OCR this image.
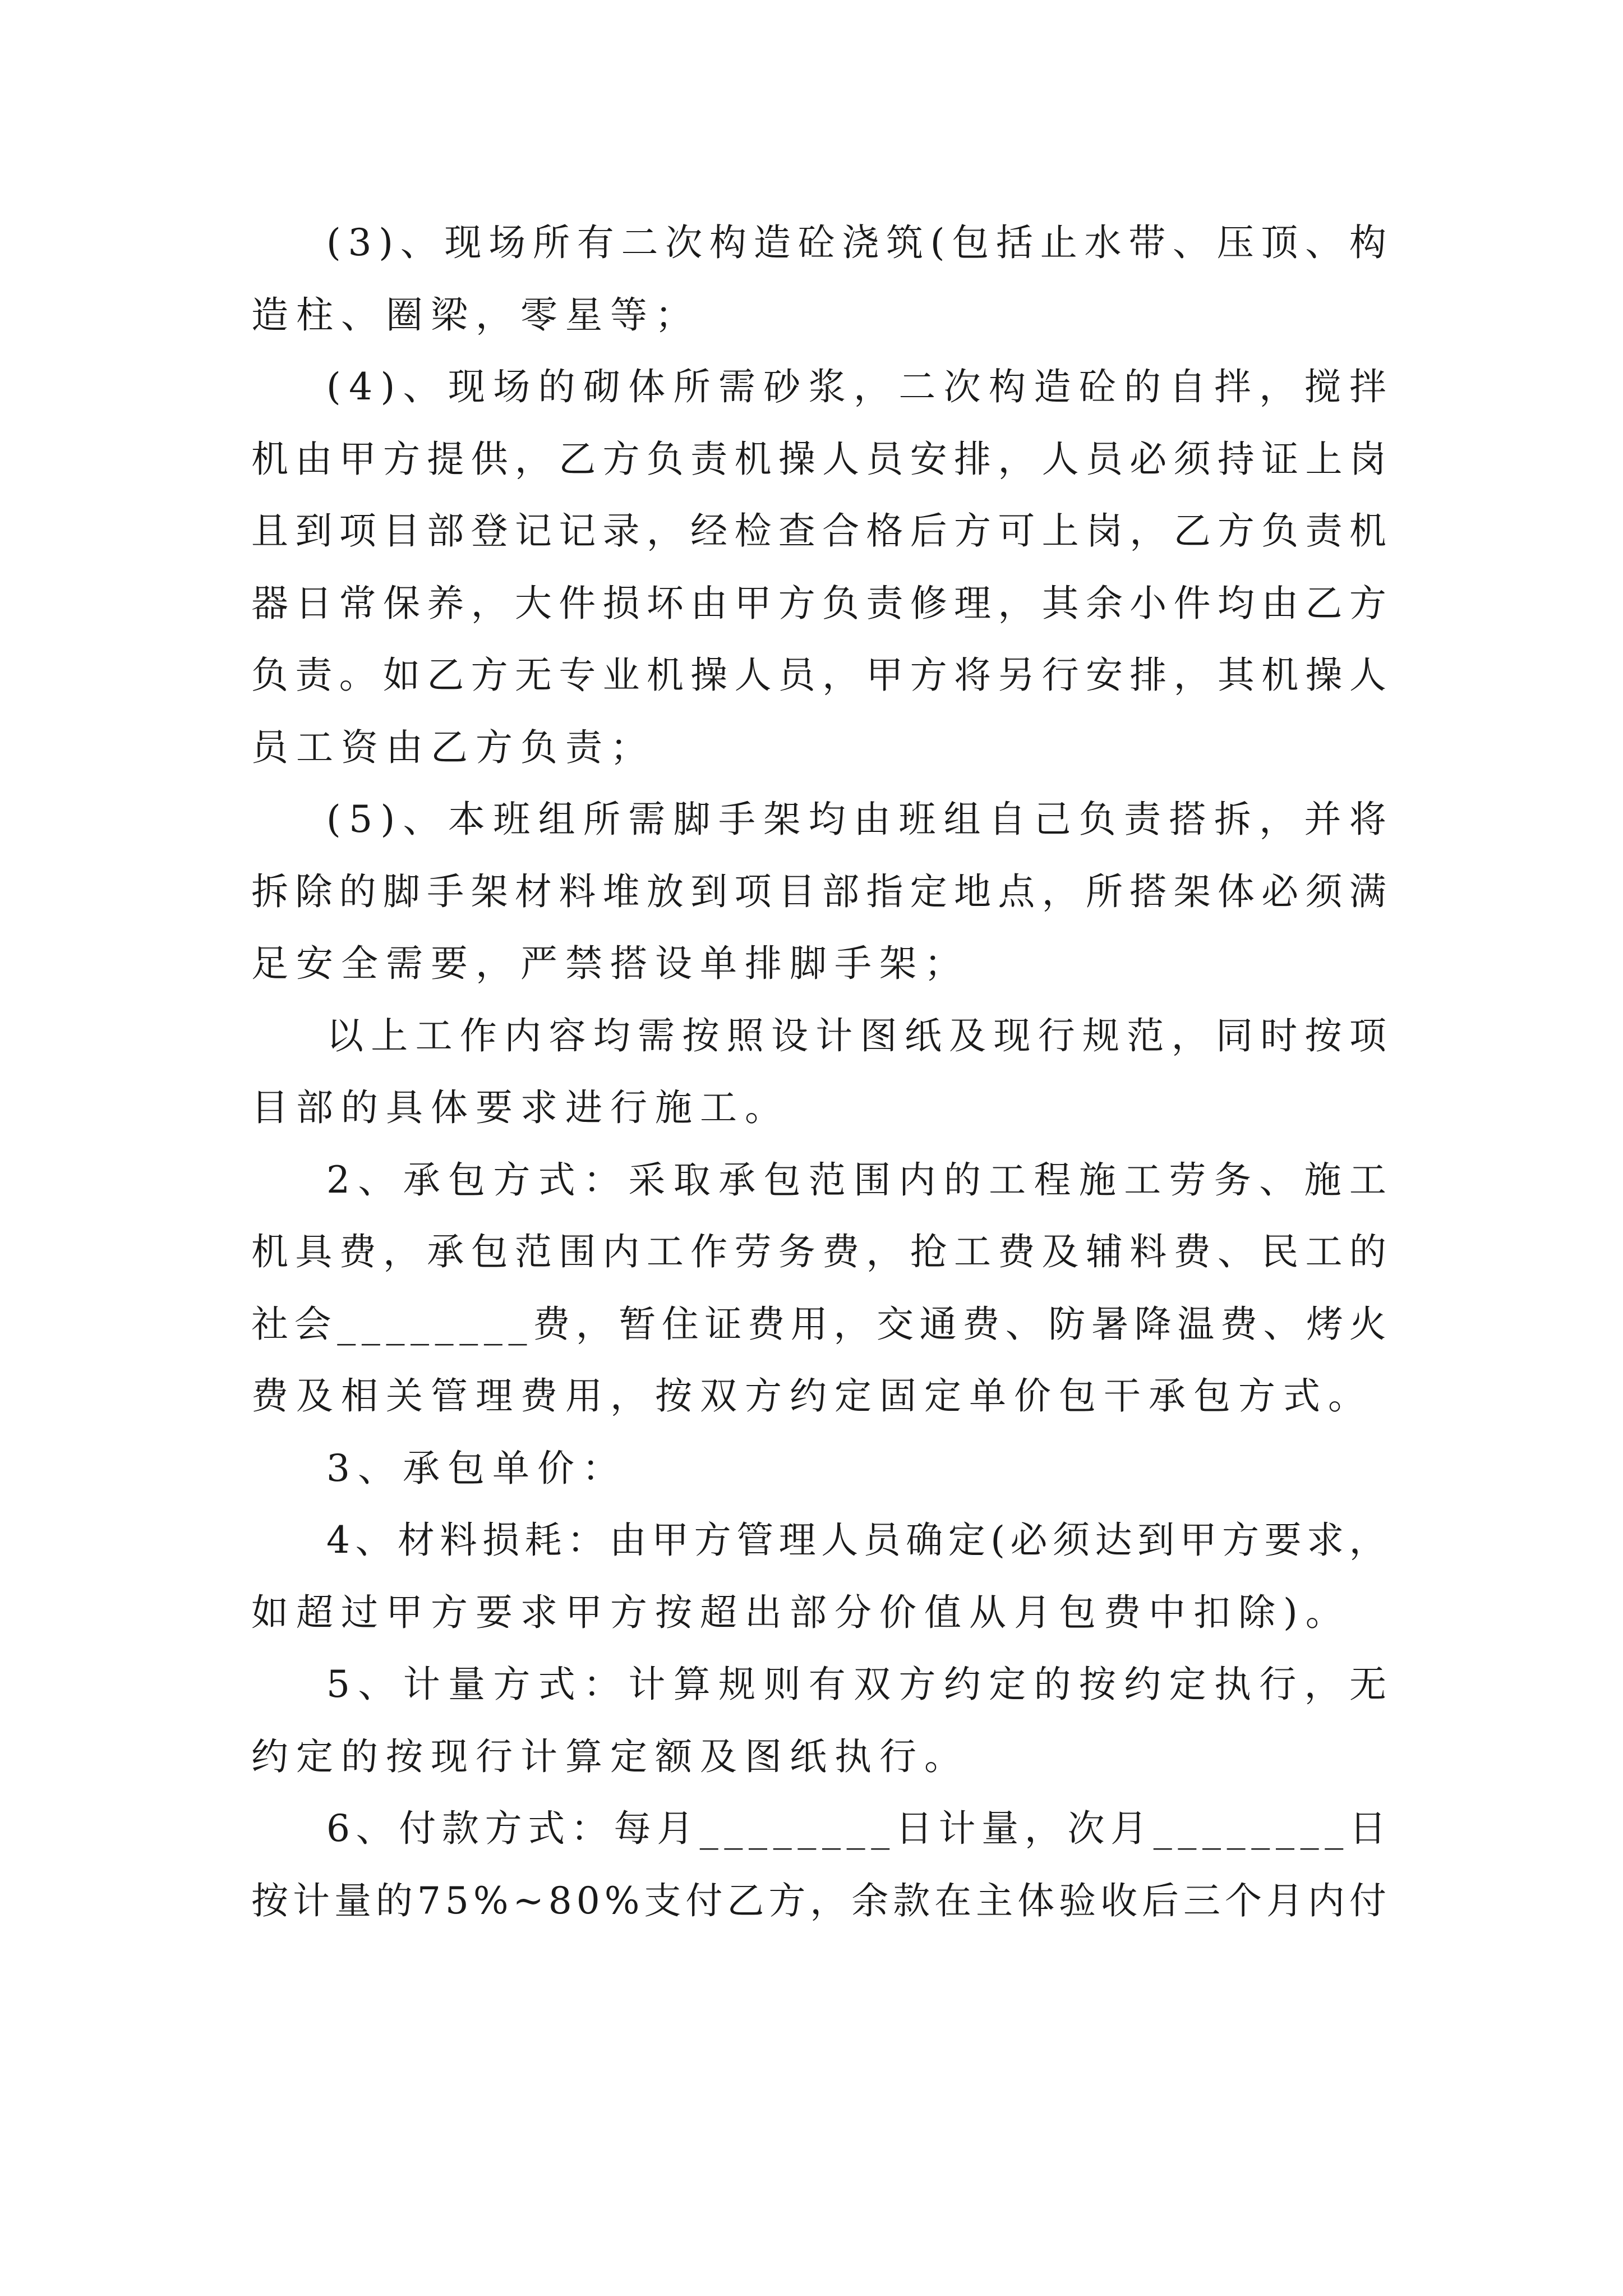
( 3 ) 、 现 场 所 有 二 次 构 造 砼 浇 筑 ( 包 括 止 水 带 、 压 顶 、 构
造柱、圈梁，零星等；
( 4 ) 、 现 场 的 砌 体 所 需 砂 浆 ， 二 次 构 造 砼 的 自 拌 ， 搅 拌
机 由 甲 方 提 供 ， 乙 方 负 责 机 操 人 员 安 排 ， 人 员 必 须 持 证 上 岗
且 到 项 目 部 登 记 记 录 ， 经 检 查 合 格 后 方 可 上 岗 ， 乙 方 负 责 机
器 日 常 保 养 ， 大 件 损 坏 由 甲 方 负 责 修 理 ， 其 余 小 件 均 由 乙 方
负 责 。 如 乙 方 无 专 业 机 操 人 员 ， 甲 方 将 另 行 安 排 ， 其 机 操 人
员工资由乙方负责；
( 5 ) 、 本 班 组 所 需 脚 手 架 均 由 班 组 自 己 负 责 搭 拆 ， 并 将
拆 除 的 脚 手 架 材 料 堆 放 到 项 目 部 指 定 地 点 ， 所 搭 架 体 必 须 满
足安全需要，严禁搭设单排脚手架；
以 上 工 作 内 容 均 需 按 照 设 计 图 纸 及 现 行 规 范 ， 同 时 按 项
目部的具体要求进行施工。
2 、 承 包 方 式 ： 采 取 承 包 范 围 内 的 工 程 施 工 劳 务 、 施 工
机 具 费 ， 承 包 范 围 内 工 作 劳 务 费 ， 抢 工 费 及 辅 料 费 、 民 工 的
社 会 _ _ _ _ _ _ _ _ 费 ， 暂 住 证 费 用 ， 交 通 费 、 防 暑 降 温 费 、 烤 火
费及相关管理费用，按双方约定固定单价包干承包方式。
3、承包单价：
4 、 材 料 损 耗 ： 由 甲 方 管 理 人 员 确 定 ( 必 须 达 到 甲 方 要 求 ，
如超过甲方要求甲方按超出部分价值从月包费中扣除)。
5 、 计 量 方 式 ： 计 算 规 则 有 双 方 约 定 的 按 约 定 执 行 ， 无
约定的按现行计算定额及图纸执行。
6 、 付 款 方 式 ： 每 月 _ _ _ _ _ _ _ _ 日 计 量 ， 次 月 _ _ _ _ _ _ _ _ 日
按 计 量 的 7 5 % ~ 8 0 % 支 付 乙 方 ， 余 款 在 主 体 验 收 后 三 个 月 内 付
